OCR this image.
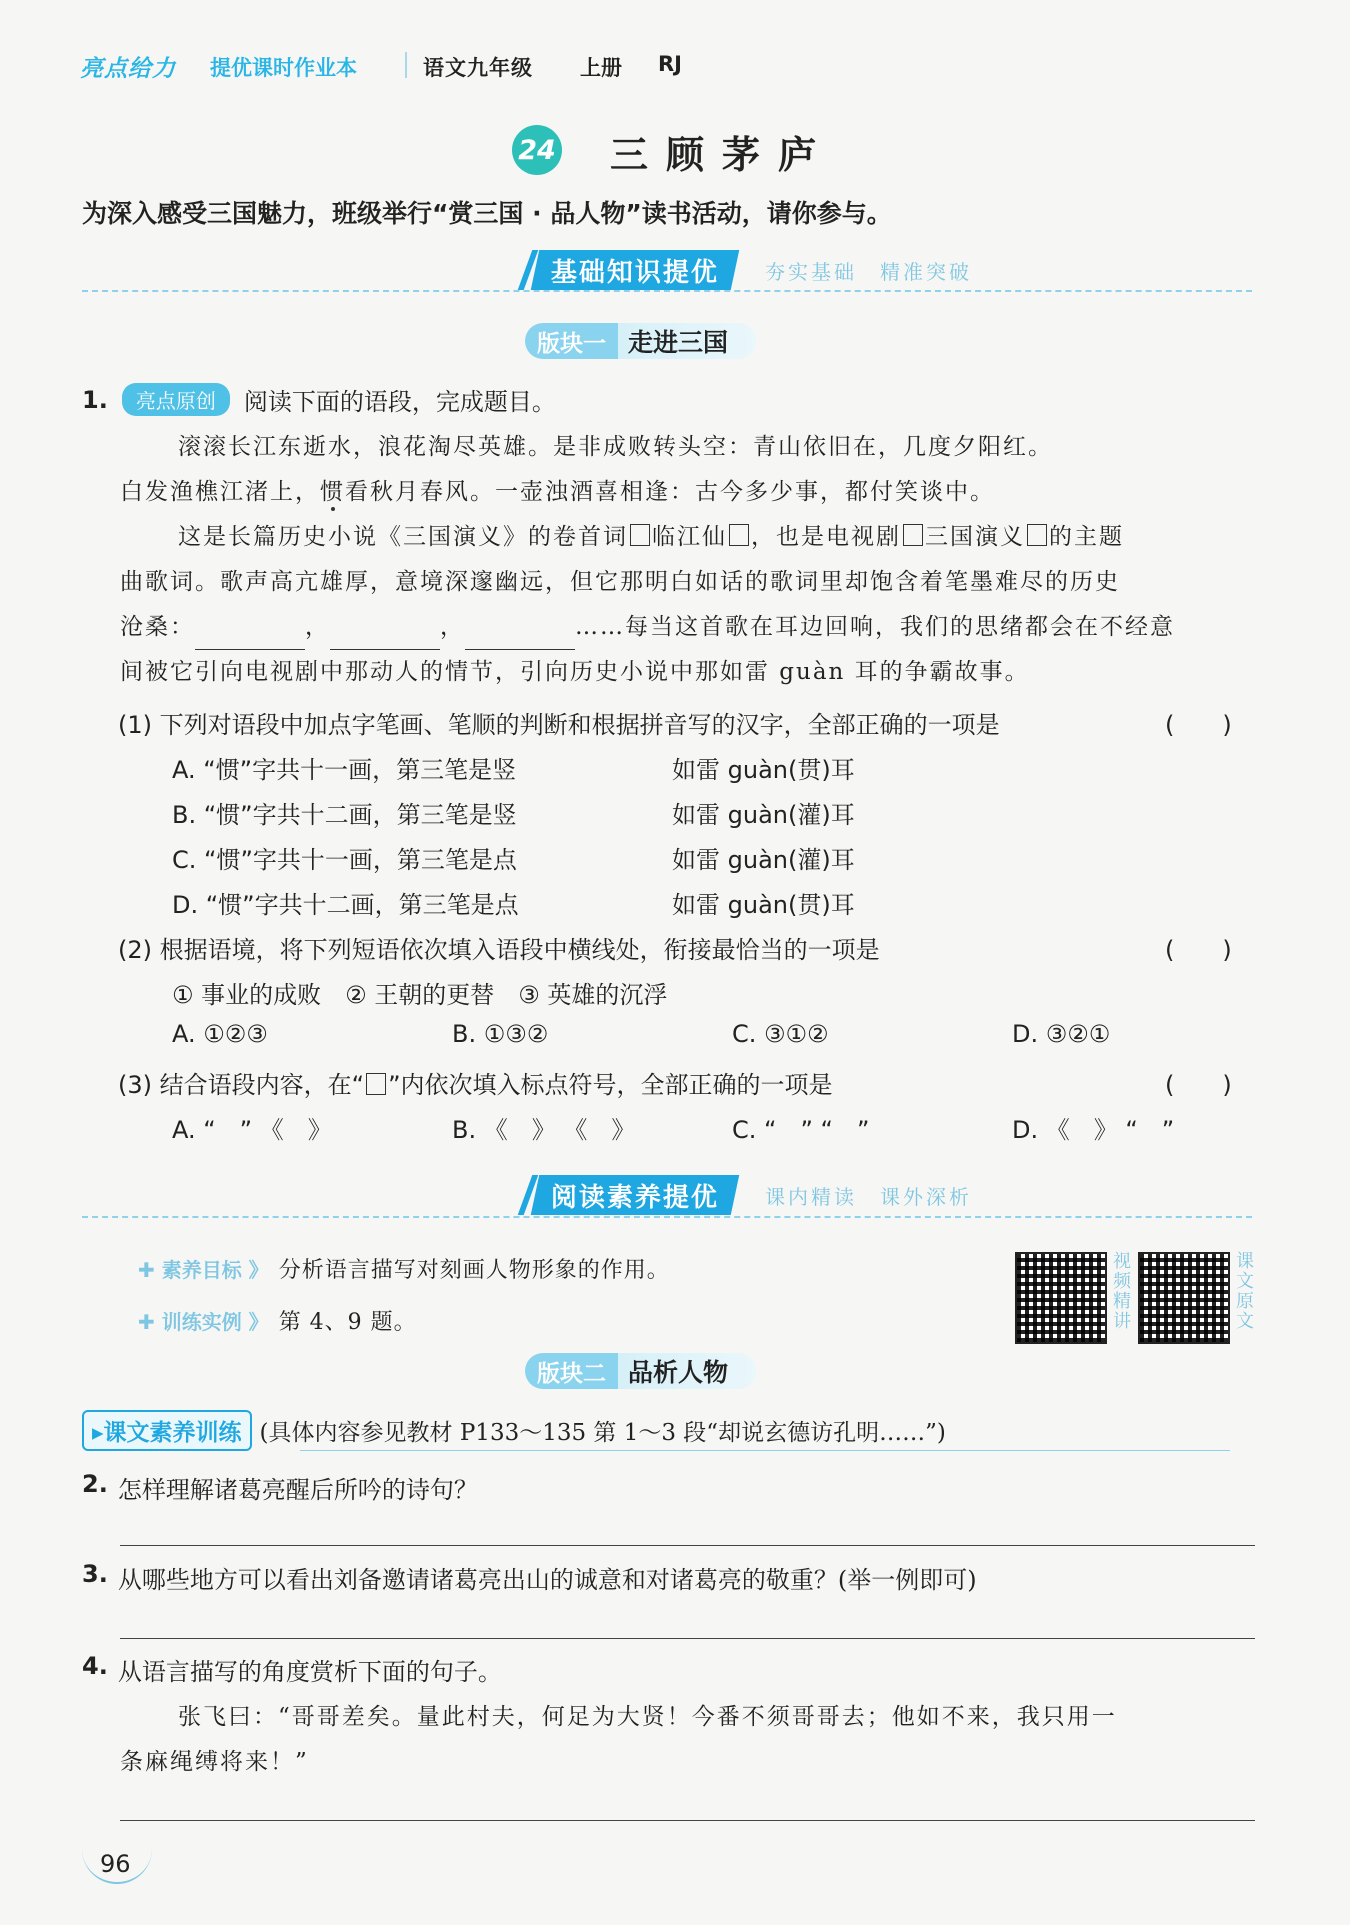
亮点给力 提优课时作业本	语文九年级 上册 RJ
24 三顾茅庐
为深入感受三国魅力，班级举行“赏三国 · 品人物”读书活动，请你参与。
基础知识提优 夯实基础　精准突破
版块一 走进三国
1.	亮点原创	阅读下面的语段，完成题目。
滚滚长江东逝水，浪花淘尽英雄。是非成败转头空：青山依旧在，几度夕阳红。
白发渔樵江渚上，惯看秋月春风。一壶浊酒喜相逢：古今多少事，都付笑谈中。
这是长篇历史小说《三国演义》的卷首词 临江仙 ，也是电视剧 三国演义 的主题
曲歌词。歌声高亢雄厚，意境深邃幽远，但它那明白如话的歌词里却饱含着笔墨难尽的历史
沧桑：	，	，	……每当这首歌在耳边回响，我们的思绪都会在不经意
间被它引向电视剧中那动人的情节，引向历史小说中那如雷 guàn 耳的争霸故事。
(1) 下列对语段中加点字笔画、笔顺的判断和根据拼音写的汉字，全部正确的一项是	(　　)
A. “惯”字共十一画，第三笔是竖	如雷 guàn(贯)耳
B. “惯”字共十二画，第三笔是竖	如雷 guàn(灌)耳
C. “惯”字共十一画，第三笔是点	如雷 guàn(灌)耳
D. “惯”字共十二画，第三笔是点	如雷 guàn(贯)耳
(2) 根据语境，将下列短语依次填入语段中横线处，衔接最恰当的一项是	(　　)
① 事业的成败　② 王朝的更替　③ 英雄的沉浮
A. ①②③	B. ①③②	C. ③①②	D. ③②①
(3) 结合语段内容，在“ ”内依次填入标点符号，全部正确的一项是	(　　)
A. “　” 《　》	B. 《　》 《　》	C. “　” “　”	D. 《　》 “　”
阅读素养提优 课内精读　课外深析
✚ 素养目标 》 分析语言描写对刻画人物形象的作用。
✚ 训练实例 》 第 4、9 题。
视频精讲
课文原文
版块二 品析人物
▸课文素养训练 (具体内容参见教材 P133～135 第 1～3 段“却说玄德访孔明……”)
2. 怎样理解诸葛亮醒后所吟的诗句？
3. 从哪些地方可以看出刘备邀请诸葛亮出山的诚意和对诸葛亮的敬重？(举一例即可)
4. 从语言描写的角度赏析下面的句子。
张飞曰：“哥哥差矣。量此村夫，何足为大贤！今番不须哥哥去；他如不来，我只用一
条麻绳缚将来！”
96
